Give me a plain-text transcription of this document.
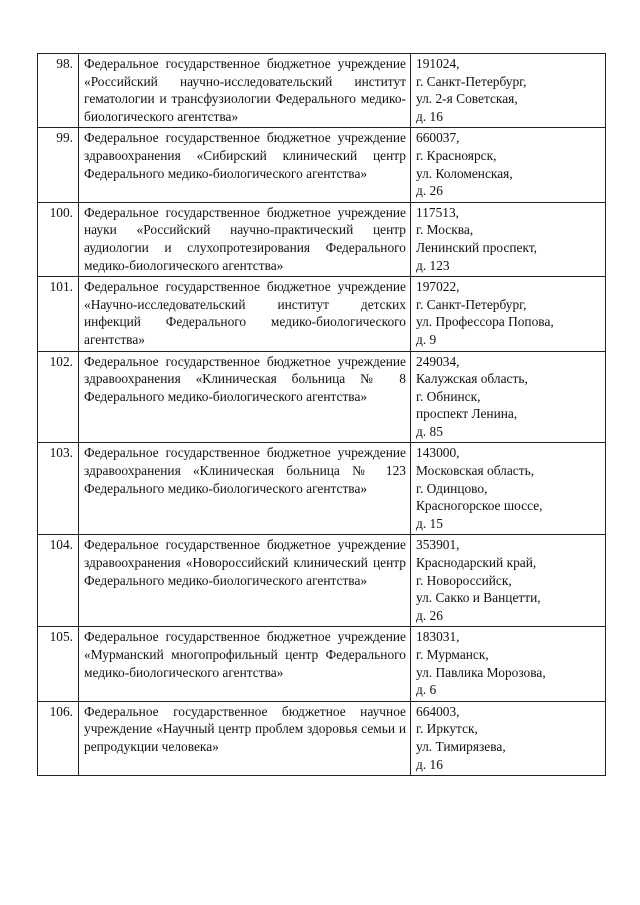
98.	Федеральное государственное бюджетное учреждение «Российский научно-исследовательский институт гематологии и трансфузиологии Федерального медико-биологического агентства»	191024,
г. Санкт-Петербург,
ул. 2-я Советская,
д. 16

99.	Федеральное государственное бюджетное учреждение здравоохранения «Сибирский клинический центр Федерального медико-биологического агентства»	660037,
г. Красноярск,
ул. Коломенская,
д. 26

100.	Федеральное государственное бюджетное учреждение науки «Российский научно-практический центр аудиологии и слухопротезирования Федерального медико-биологического агентства»	117513,
г. Москва,
Ленинский проспект,
д. 123

101.	Федеральное государственное бюджетное учреждение «Научно-исследовательский институт детских инфекций Федерального медико-биологического агентства»	197022,
г. Санкт-Петербург,
ул. Профессора Попова,
д. 9

102.	Федеральное государственное бюджетное учреждение здравоохранения «Клиническая больница № 8 Федерального медико-биологического агентства»	249034,
Калужская область,
г. Обнинск,
проспект Ленина,
д. 85

103.	Федеральное государственное бюджетное учреждение здравоохранения «Клиническая больница № 123 Федерального медико-биологического агентства»	143000,
Московская область,
г. Одинцово,
Красногорское шоссе,
д. 15

104.	Федеральное государственное бюджетное учреждение здравоохранения «Новороссийский клинический центр Федерального медико-биологического агентства»	353901,
Краснодарский край,
г. Новороссийск,
ул. Сакко и Ванцетти,
д. 26

105.	Федеральное государственное бюджетное учреждение «Мурманский многопрофильный центр Федерального медико-биологического агентства»	183031,
г. Мурманск,
ул. Павлика Морозова,
д. 6

106.	Федеральное государственное бюджетное научное учреждение «Научный центр проблем здоровья семьи и репродукции человека»	664003,
г. Иркутск,
ул. Тимирязева,
д. 16
